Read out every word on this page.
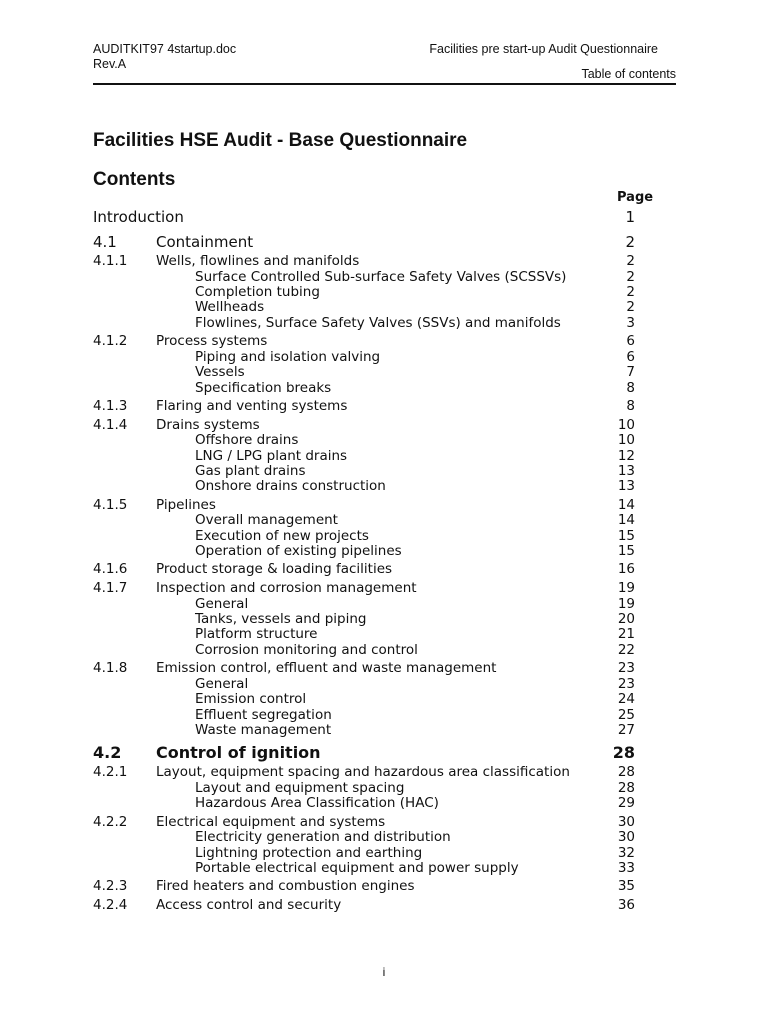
AUDITKIT97 4startup.doc
Rev.A
Facilities pre start-up Audit Questionnaire
Table of contents
Facilities HSE Audit - Base Questionnaire
Contents
Page
Introduction	1
4.1	Containment	2
4.1.1 Wells, flowlines and manifolds	2
Surface Controlled Sub-surface Safety Valves (SCSSVs)	2
Completion tubing	2
Wellheads	2
Flowlines, Surface Safety Valves (SSVs) and manifolds	3
4.1.2 Process systems	6
Piping and isolation valving	6
Vessels	7
Specification breaks	8
4.1.3 Flaring and venting systems	8
4.1.4 Drains systems	10
Offshore drains	10
LNG / LPG plant drains	12
Gas plant drains	13
Onshore drains construction	13
4.1.5 Pipelines	14
Overall management	14
Execution of new projects	15
Operation of existing pipelines	15
4.1.6 Product storage & loading facilities	16
4.1.7 Inspection and corrosion management	19
General	19
Tanks, vessels and piping	20
Platform structure	21
Corrosion monitoring and control	22
4.1.8 Emission control, effluent and waste management	23
General	23
Emission control	24
Effluent segregation	25
Waste management	27
4.2 Control of ignition	28
4.2.1 Layout, equipment spacing and hazardous area classification	28
Layout and equipment spacing	28
Hazardous Area Classification (HAC)	29
4.2.2 Electrical equipment and systems	30
Electricity generation and distribution	30
Lightning protection and earthing	32
Portable electrical equipment and power supply	33
4.2.3 Fired heaters and combustion engines	35
4.2.4 Access control and security	36
i
